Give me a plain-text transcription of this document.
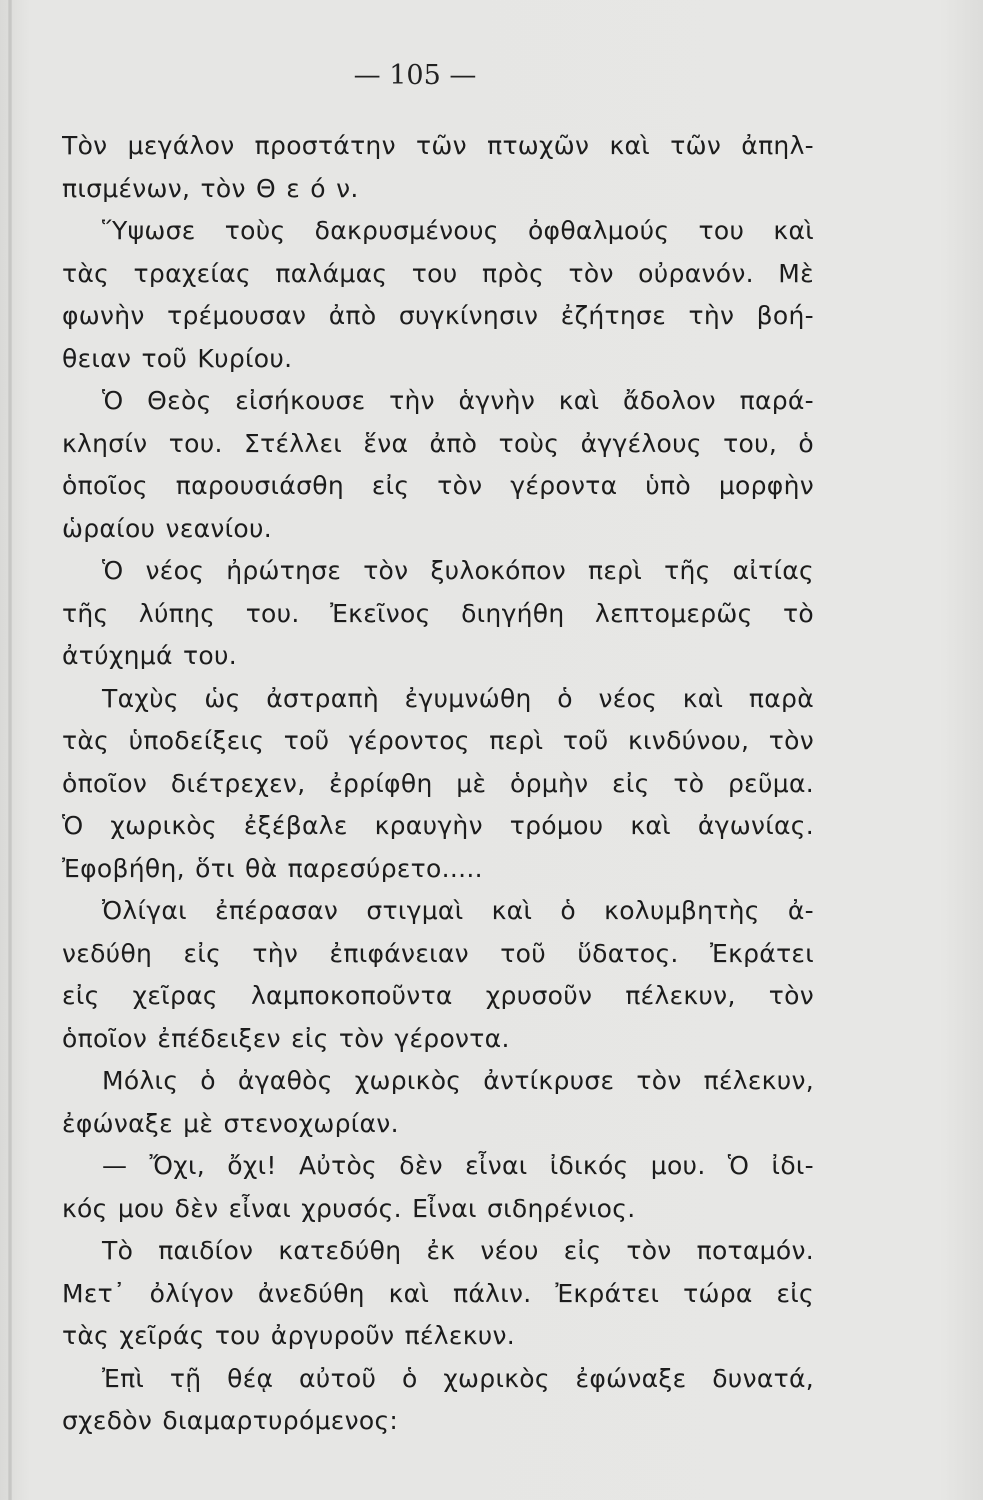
— 105 —
Τὸν μεγάλον προστάτην τῶν πτωχῶν καὶ τῶν ἀπηλ-
πισμένων, τὸν Θ ε ό ν.
Ὕψωσε τοὺς δακρυσμένους ὀφθαλμούς του καὶ
τὰς τραχείας παλάμας του πρὸς τὸν οὐρανόν. Μὲ
φωνὴν τρέμουσαν ἀπὸ συγκίνησιν ἐζήτησε τὴν βοή-
θειαν τοῦ Κυρίου.
Ὁ Θεὸς εἰσήκουσε τὴν ἁγνὴν καὶ ἄδολον παρά-
κλησίν του. Στέλλει ἕνα ἀπὸ τοὺς ἀγγέλους του, ὁ
ὁποῖος παρουσιάσθη εἰς τὸν γέροντα ὑπὸ μορφὴν
ὡραίου νεανίου.
Ὁ νέος ἠρώτησε τὸν ξυλοκόπον περὶ τῆς αἰτίας
τῆς λύπης του. Ἐκεῖνος διηγήθη λεπτομερῶς τὸ
ἀτύχημά του.
Ταχὺς ὡς ἀστραπὴ ἐγυμνώθη ὁ νέος καὶ παρὰ
τὰς ὑποδείξεις τοῦ γέροντος περὶ τοῦ κινδύνου, τὸν
ὁποῖον διέτρεχεν, ἐρρίφθη μὲ ὁρμὴν εἰς τὸ ρεῦμα.
Ὁ χωρικὸς ἐξέβαλε κραυγὴν τρόμου καὶ ἀγωνίας.
Ἐφοβήθη, ὅτι θὰ παρεσύρετο.....
Ὀλίγαι ἐπέρασαν στιγμαὶ καὶ ὁ κολυμβητὴς ἀ-
νεδύθη εἰς τὴν ἐπιφάνειαν τοῦ ὕδατος. Ἐκράτει
εἰς χεῖρας λαμποκοποῦντα χρυσοῦν πέλεκυν, τὸν
ὁποῖον ἐπέδειξεν εἰς τὸν γέροντα.
Μόλις ὁ ἀγαθὸς χωρικὸς ἀντίκρυσε τὸν πέλεκυν,
ἐφώναξε μὲ στενοχωρίαν.
— Ὄχι, ὄχι! Αὐτὸς δὲν εἶναι ἰδικός μου. Ὁ ἰδι-
κός μου δὲν εἶναι χρυσός. Εἶναι σιδηρένιος.
Τὸ παιδίον κατεδύθη ἐκ νέου εἰς τὸν ποταμόν.
Μετ᾽ ὀλίγον ἀνεδύθη καὶ πάλιν. Ἐκράτει τώρα εἰς
τὰς χεῖράς του ἀργυροῦν πέλεκυν.
Ἐπὶ τῇ θέᾳ αὐτοῦ ὁ χωρικὸς ἐφώναξε δυνατά,
σχεδὸν διαμαρτυρόμενος:
